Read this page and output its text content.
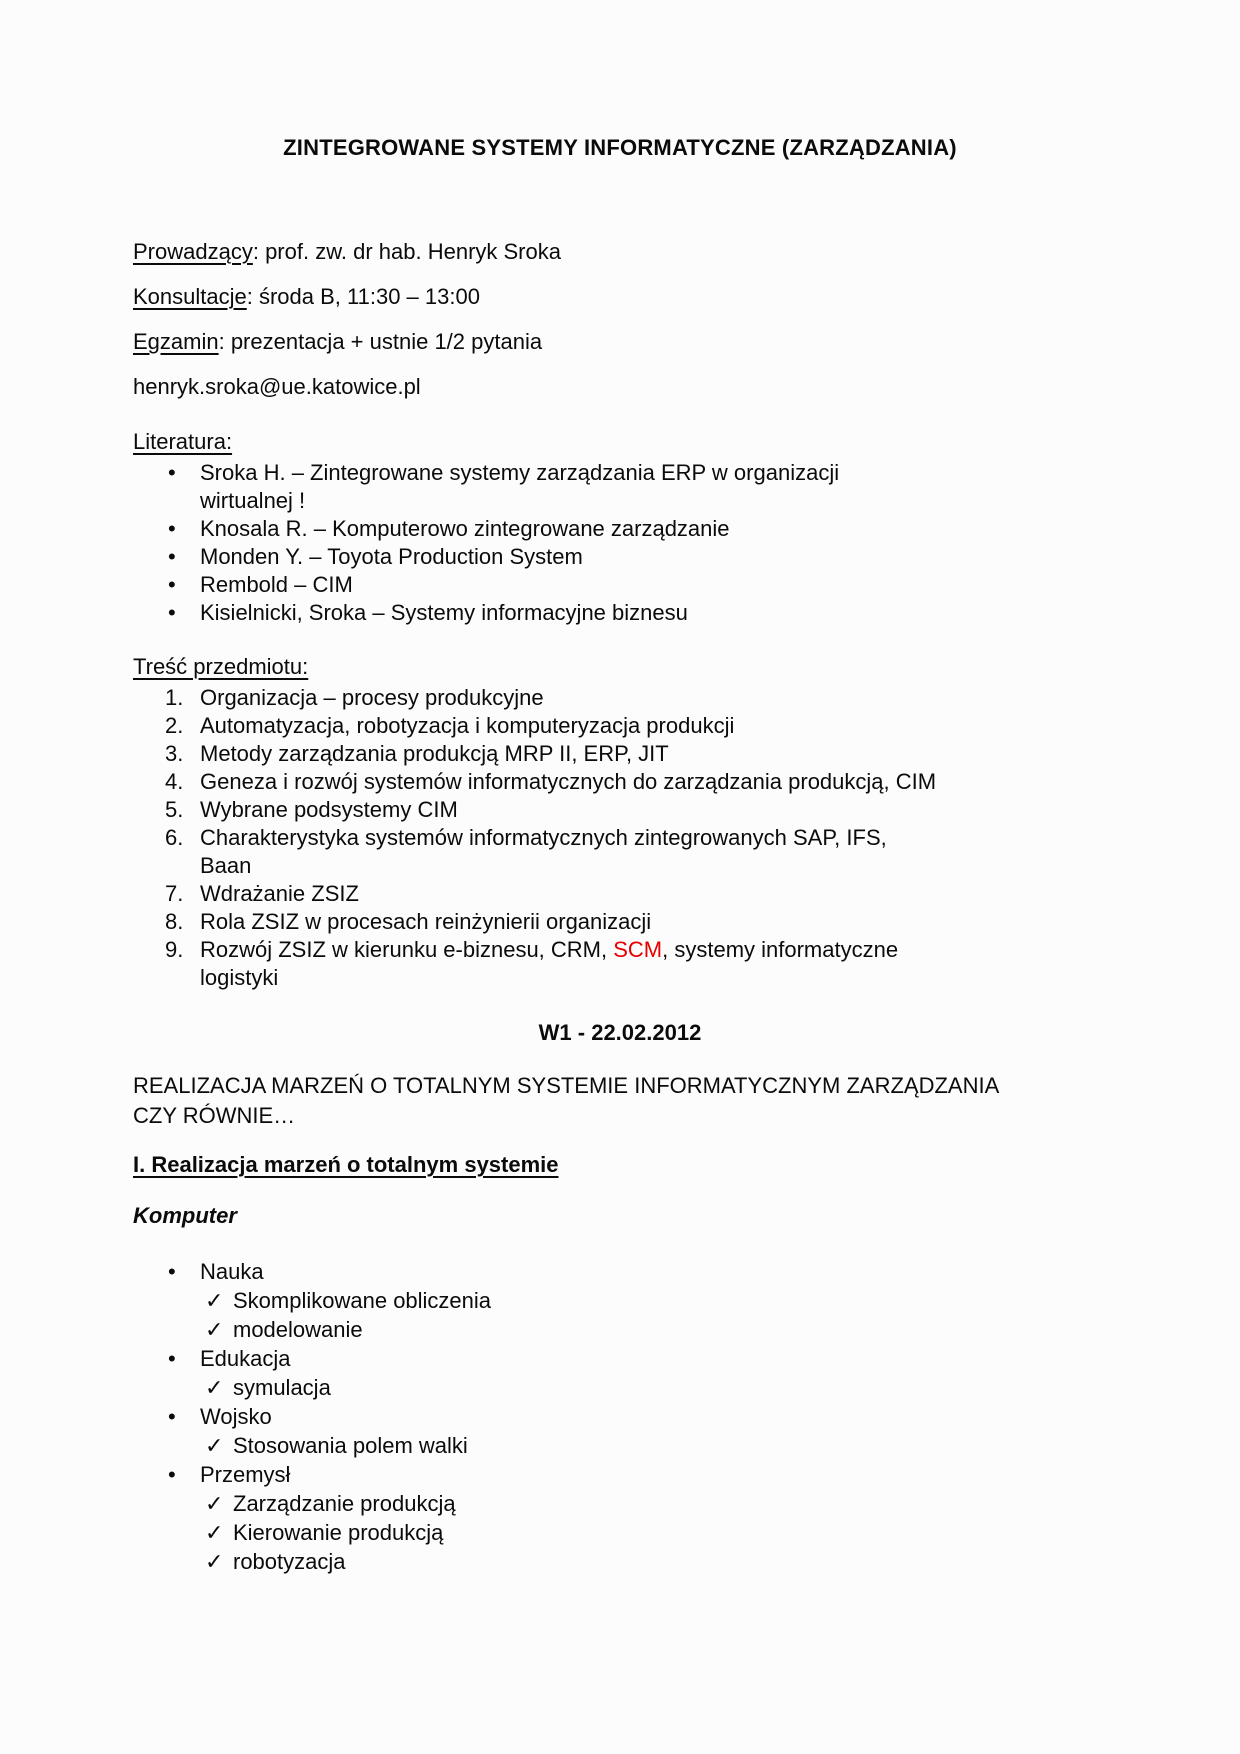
ZINTEGROWANE SYSTEMY INFORMATYCZNE (ZARZĄDZANIA)

Prowadzący: prof. zw. dr hab. Henryk Sroka

Konsultacje: środa B, 11:30 – 13:00

Egzamin: prezentacja + ustnie 1/2 pytania

henryk.sroka@ue.katowice.pl

Literatura:

•	Sroka H. – Zintegrowane systemy zarządzania ERP w organizacji
wirtualnej !
•	Knosala R. – Komputerowo zintegrowane zarządzanie
•	Monden Y. – Toyota Production System
•	Rembold – CIM
•	Kisielnicki, Sroka – Systemy informacyjne biznesu

Treść przedmiotu:

1. Organizacja – procesy produkcyjne
2. Automatyzacja, robotyzacja i komputeryzacja produkcji
3. Metody zarządzania produkcją MRP II, ERP, JIT
4. Geneza i rozwój systemów informatycznych do zarządzania produkcją, CIM
5. Wybrane podsystemy CIM
6. Charakterystyka systemów informatycznych zintegrowanych SAP, IFS,
Baan
7. Wdrażanie ZSIZ
8. Rola ZSIZ w procesach reinżynierii organizacji
9. Rozwój ZSIZ w kierunku e-biznesu, CRM, SCM, systemy informatyczne
logistyki

W1 - 22.02.2012

REALIZACJA MARZEŃ O TOTALNYM SYSTEMIE INFORMATYCZNYM ZARZĄDZANIA
CZY RÓWNIE…

I. Realizacja marzeń o totalnym systemie

Komputer

•	Nauka
✓ Skomplikowane obliczenia
✓ modelowanie
•	Edukacja
✓ symulacja
•	Wojsko
✓ Stosowania polem walki
•	Przemysł
✓ Zarządzanie produkcją
✓ Kierowanie produkcją
✓ robotyzacja
